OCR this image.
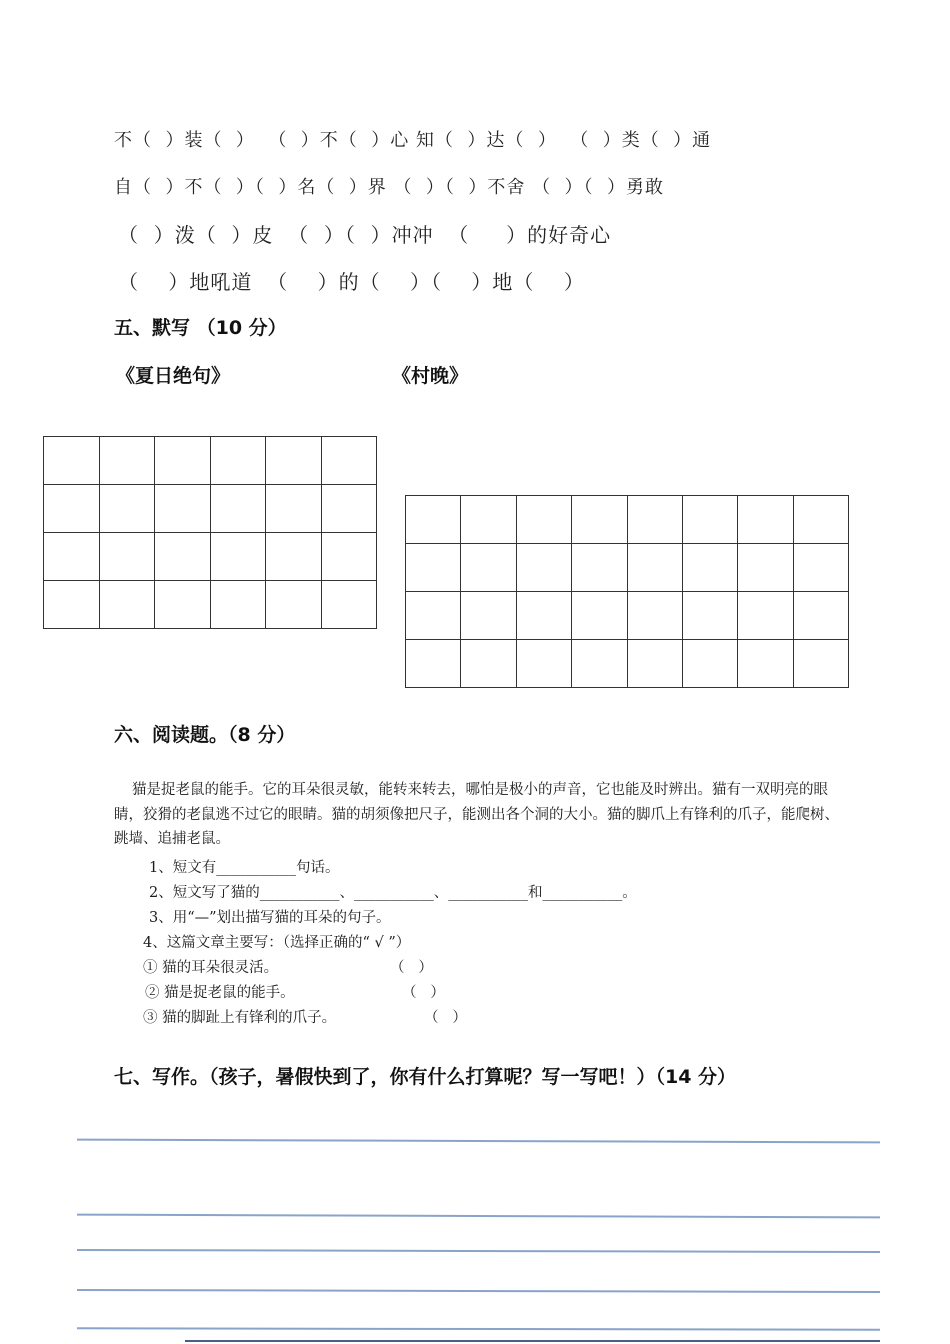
不（  ）装（  ）  （  ）不（  ）心 知（  ）达（  ）  （  ）类（  ）通
自（  ）不（  ）（  ）名（  ）界 （  ）（  ）不舍 （  ）（  ）勇敢
（  ）泼（  ）皮  （  ）（  ）冲冲  （     ）的好奇心
（    ）地吼道  （    ）的（    ）（    ）地（    ）
五、默写 （10 分）
《夏日绝句》	《村晚》

六、阅读题。（8 分）
猫是捉老鼠的能手。它的耳朵很灵敏，能转来转去，哪怕是极小的声音，它也能及时辨出。猫有一双明亮的眼睛，狡猾的老鼠逃不过它的眼睛。猫的胡须像把尺子，能测出各个洞的大小。猫的脚爪上有锋利的爪子，能爬树、跳墙、追捕老鼠。
1、短文有___________句话。
2、短文写了猫的___________、___________、___________和___________。
3、用“—”划出描写猫的耳朵的句子。
4、这篇文章主要写：（选择正确的“ √ ”）
① 猫的耳朵很灵活。	（   ）
② 猫是捉老鼠的能手。	（   ）
③ 猫的脚趾上有锋利的爪子。	（   ）
七、写作。（孩子，暑假快到了，你有什么打算呢？写一写吧！）（14 分）
